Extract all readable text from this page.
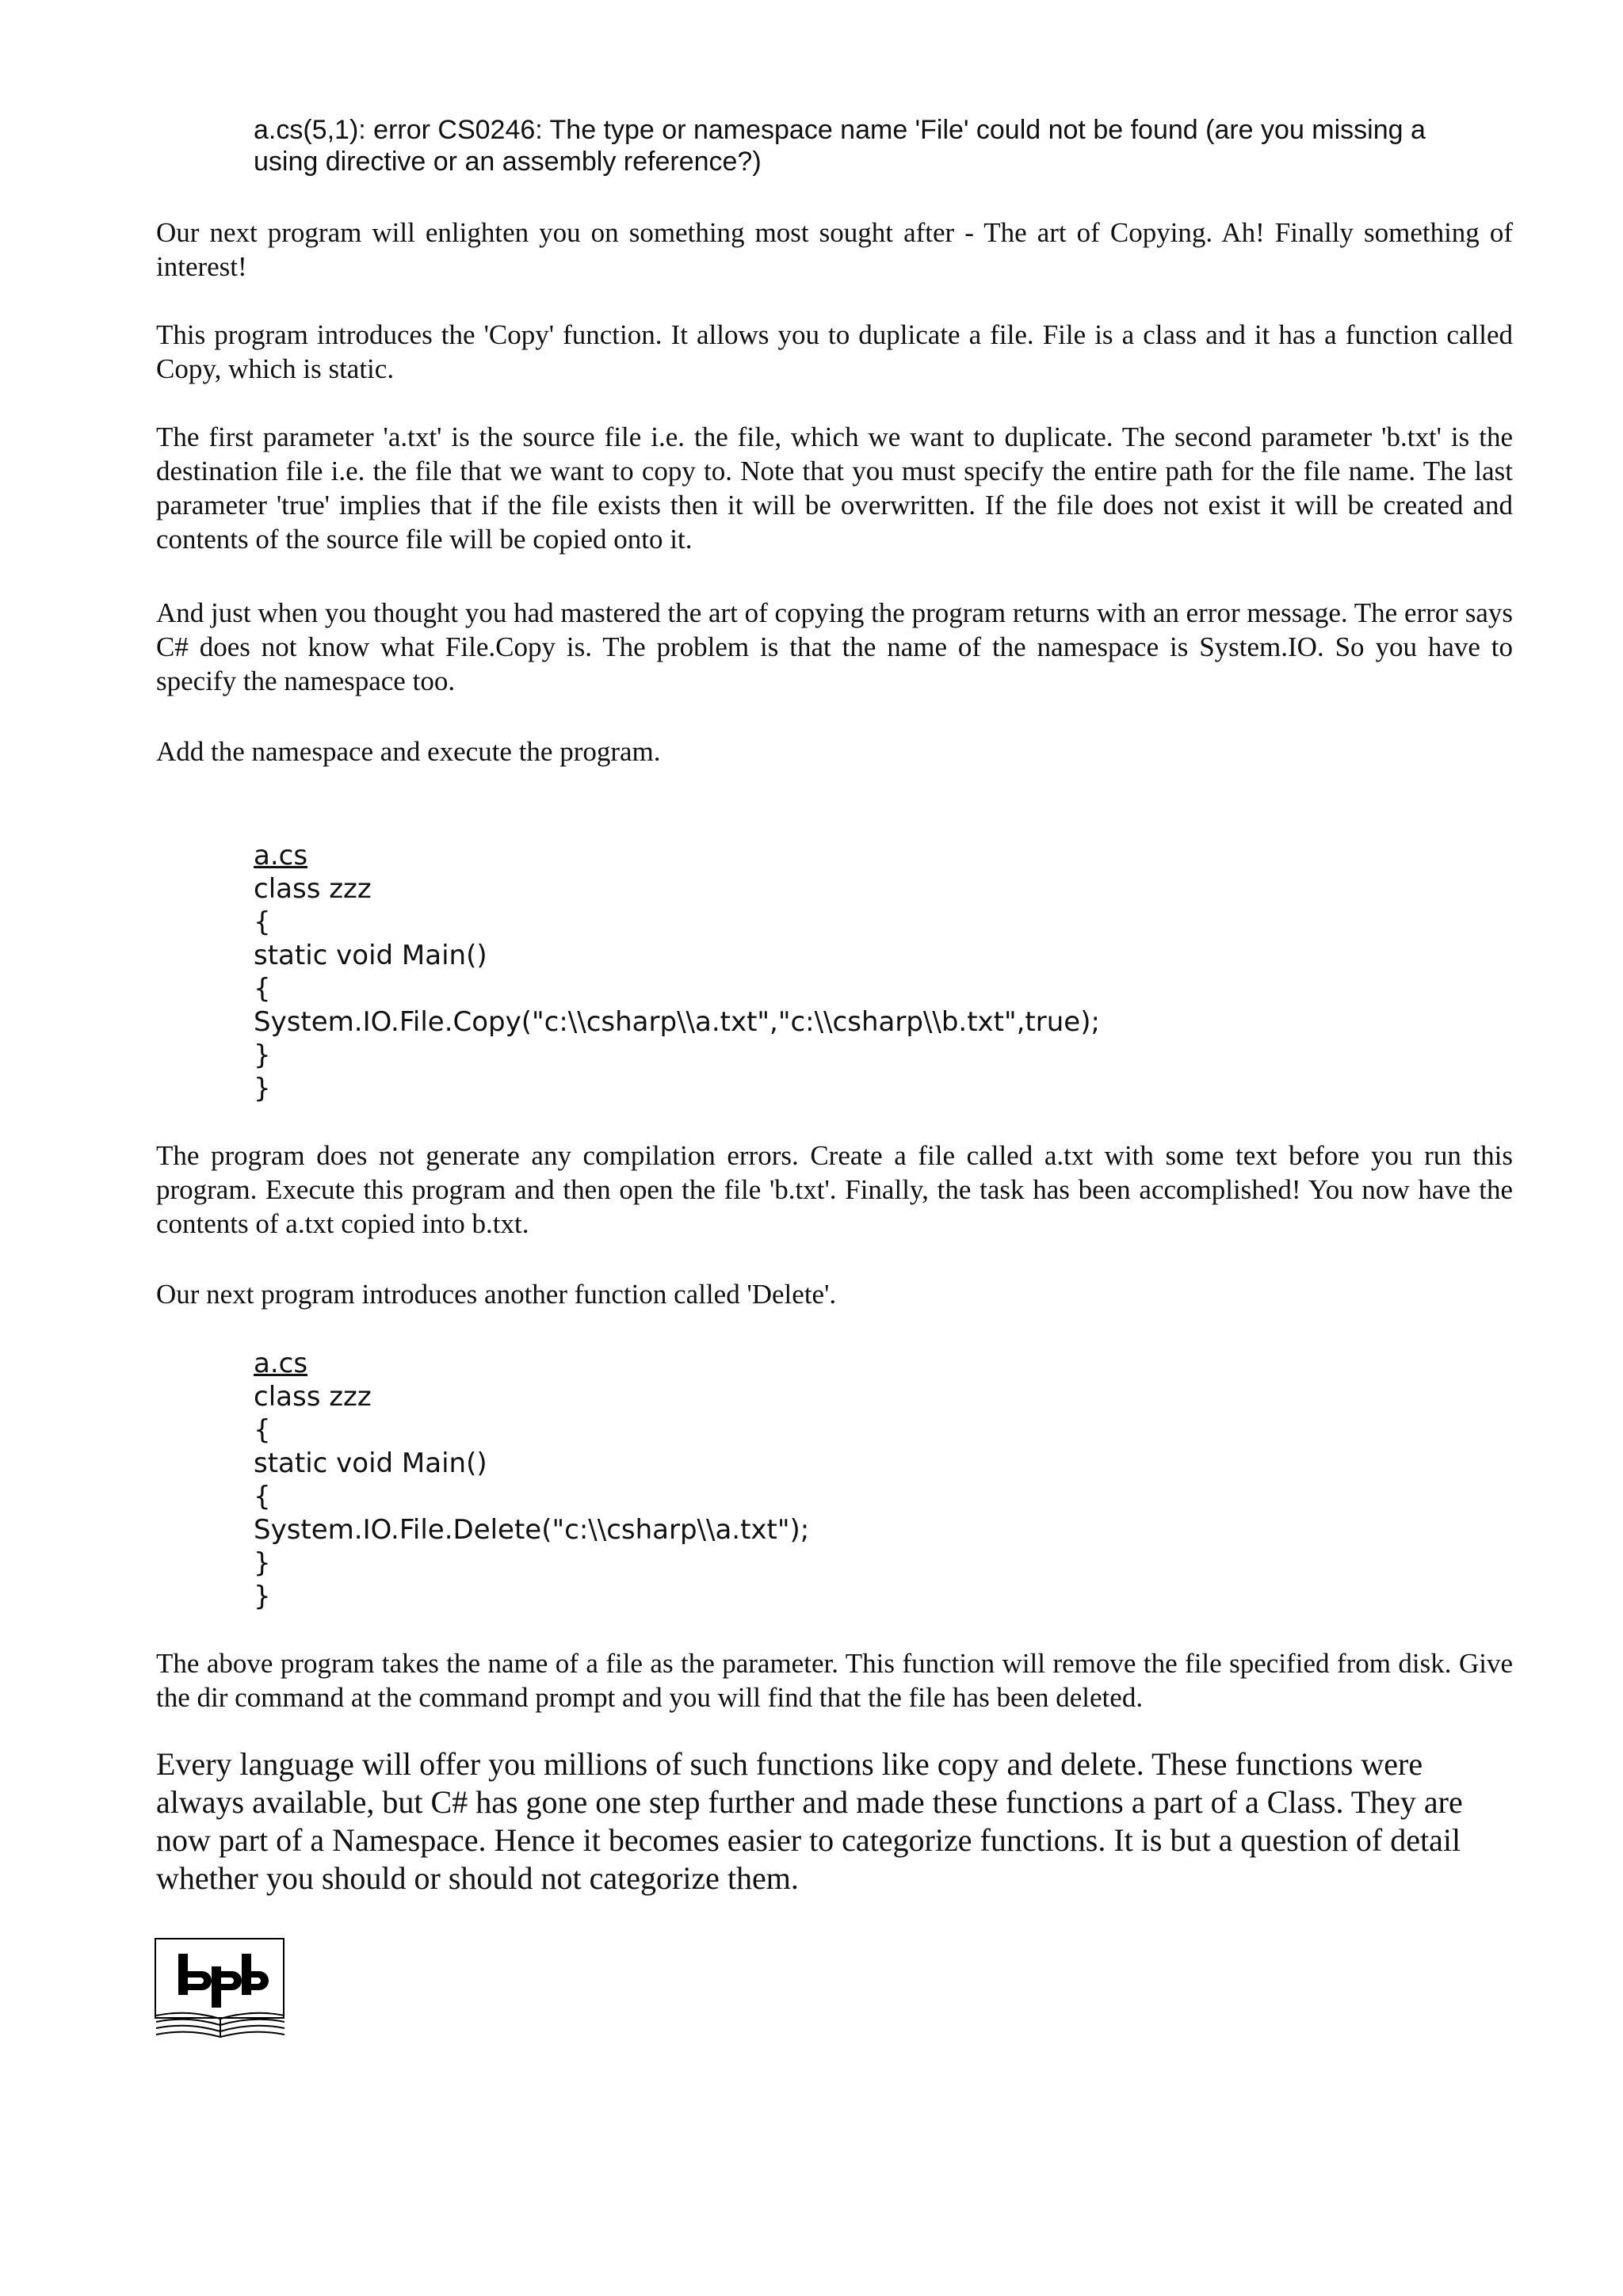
a.cs(5,1): error CS0246: The type or namespace name 'File' could not be found (are you missing a
using directive or an assembly reference?)

Our next program will enlighten you on something most sought after - The art of Copying. Ah! Finally something of interest!

This program introduces the 'Copy' function. It allows you to duplicate a file. File is a class and it has a function called Copy, which is static.

The first parameter 'a.txt' is the source file i.e. the file, which we want to duplicate. The second parameter 'b.txt' is the destination file i.e. the file that we want to copy to. Note that you must specify the entire path for the file name. The last parameter 'true' implies that if the file exists then it will be overwritten. If the file does not exist it will be created and contents of the source file will be copied onto it.

And just when you thought you had mastered the art of copying the program returns with an error message. The error says C# does not know what File.Copy is. The problem is that the name of the namespace is System.IO. So you have to specify the namespace too.

Add the namespace and execute the program.

a.cs
class zzz
{
static void Main()
{
System.IO.File.Copy("c:\\csharp\\a.txt","c:\\csharp\\b.txt",true);
}
}

The program does not generate any compilation errors. Create a file called a.txt with some text before you run this program. Execute this program and then open the file 'b.txt'. Finally, the task has been accomplished! You now have the contents of a.txt copied into b.txt.

Our next program introduces another function called 'Delete'.

a.cs
class zzz
{
static void Main()
{
System.IO.File.Delete("c:\\csharp\\a.txt");
}
}

The above program takes the name of a file as the parameter. This function will remove the file specified from disk. Give the dir command at the command prompt and you will find that the file has been deleted.

Every language will offer you millions of such functions like copy and delete. These functions were always available, but C# has gone one step further and made these functions a part of a Class. They are now part of a Namespace. Hence it becomes easier to categorize functions. It is but a question of detail whether you should or should not categorize them.
